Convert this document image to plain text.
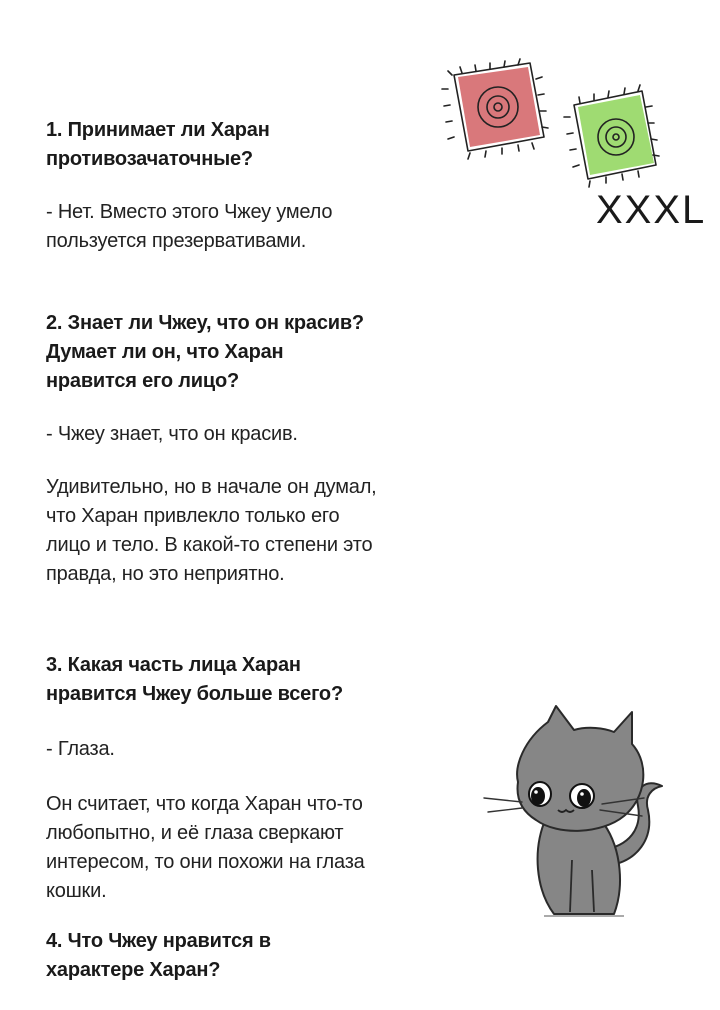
1. Принимает ли Харан
противозачаточные?

- Нет. Вместо этого Чжеу умело
пользуется презервативами.

2. Знает ли Чжеу, что он красив?
Думает ли он, что Харан
нравится его лицо?

- Чжеу знает, что он красив.

Удивительно, но в начале он думал,
что Харан привлекло только его
лицо и тело. В какой-то степени это
правда, но это неприятно.

3. Какая часть лица Харан
нравится Чжеу больше всего?

- Глаза.

Он считает, что когда Харан что-то
любопытно, и её глаза сверкают
интересом, то они похожи на глаза
кошки.

4. Что Чжеу нравится в
характере Харан?
XXXL
